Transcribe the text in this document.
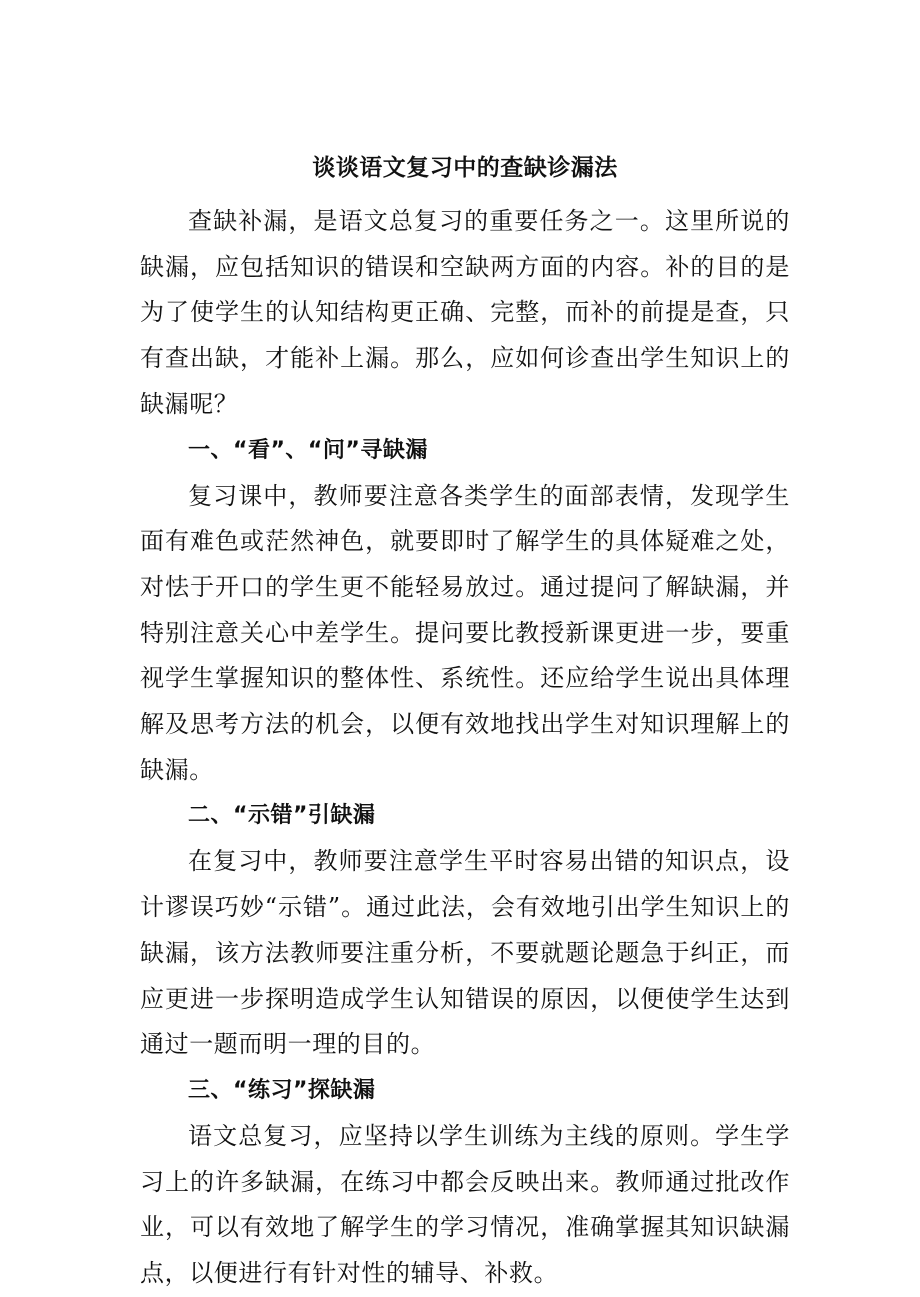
谈谈语文复习中的查缺诊漏法

查缺补漏，是语文总复习的重要任务之一。这里所说的缺漏，应包括知识的错误和空缺两方面的内容。补的目的是为了使学生的认知结构更正确、完整，而补的前提是查，只有查出缺，才能补上漏。那么，应如何诊查出学生知识上的缺漏呢？

一、“看”、“问”寻缺漏

复习课中，教师要注意各类学生的面部表情，发现学生面有难色或茫然神色，就要即时了解学生的具体疑难之处，对怯于开口的学生更不能轻易放过。通过提问了解缺漏，并特别注意关心中差学生。提问要比教授新课更进一步，要重视学生掌握知识的整体性、系统性。还应给学生说出具体理解及思考方法的机会，以便有效地找出学生对知识理解上的缺漏。

二、“示错”引缺漏

在复习中，教师要注意学生平时容易出错的知识点，设计谬误巧妙“示错”。通过此法，会有效地引出学生知识上的缺漏，该方法教师要注重分析，不要就题论题急于纠正，而应更进一步探明造成学生认知错误的原因，以便使学生达到通过一题而明一理的目的。

三、“练习”探缺漏

语文总复习，应坚持以学生训练为主线的原则。学生学习上的许多缺漏，在练习中都会反映出来。教师通过批改作业，可以有效地了解学生的学习情况，准确掌握其知识缺漏点，以便进行有针对性的辅导、补救。
